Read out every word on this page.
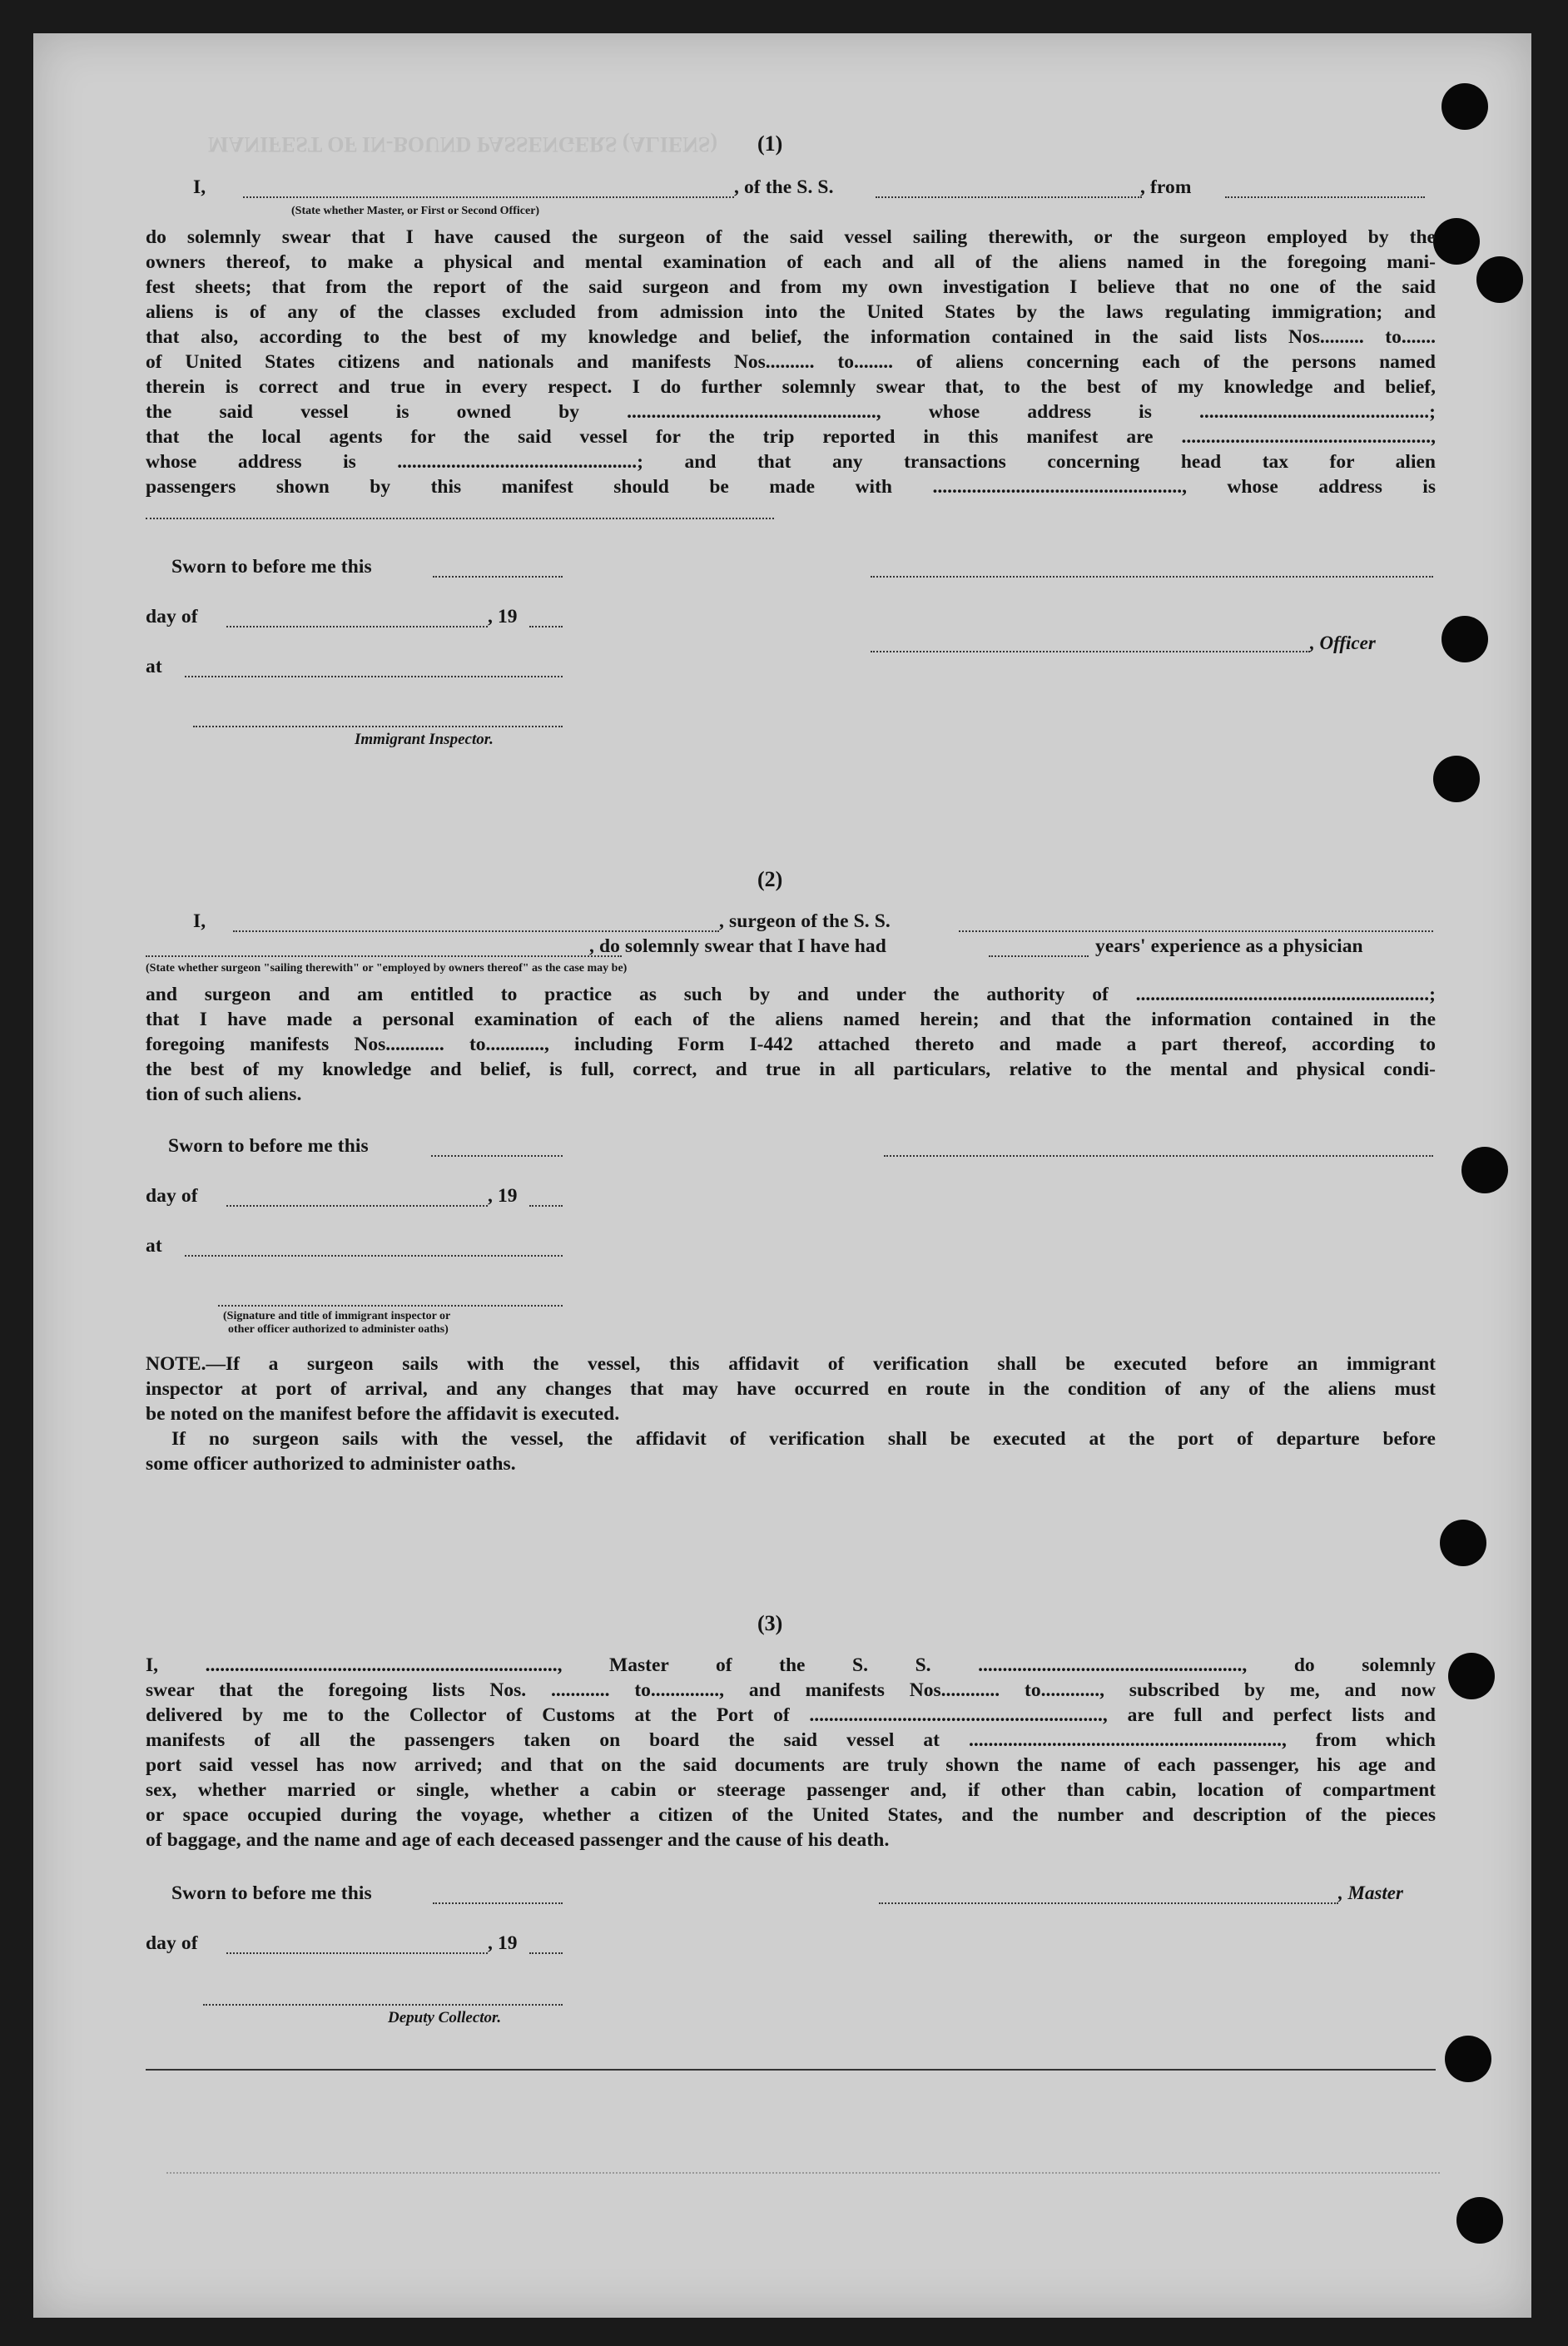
MANIFEST OF IN-BOUND PASSENGERS (ALIENS) (1)
I,	, of the S. S.	, from
(State whether Master, or First or Second Officer)
do solemnly swear that I have caused the surgeon of the said vessel sailing therewith, or the surgeon employed by the
owners thereof, to make a physical and mental examination of each and all of the aliens named in the foregoing mani-
fest sheets; that from the report of the said surgeon and from my own investigation I believe that no one of the said
aliens is of any of the classes excluded from admission into the United States by the laws regulating immigration; and
that also, according to the best of my knowledge and belief, the information contained in the said lists Nos......... to.......
of United States citizens and nationals and manifests Nos.......... to........ of aliens concerning each of the persons named
therein is correct and true in every respect. I do further solemnly swear that, to the best of my knowledge and belief,
the said vessel is owned by ..................................................., whose address is ...............................................;
that the local agents for the said vessel for the trip reported in this manifest are ...................................................,
whose address is .................................................; and that any transactions concerning head tax for alien
passengers shown by this manifest should be made with ..................................................., whose address is
Sworn to before me this
day of	, 19
, Officer
at
Immigrant Inspector.
(2)
I,	, surgeon of the S. S.
, do solemnly swear that I have had	years' experience as a physician
(State whether surgeon "sailing therewith" or "employed by owners thereof" as the case may be)
and surgeon and am entitled to practice as such by and under the authority of ............................................................;
that I have made a personal examination of each of the aliens named herein; and that the information contained in the
foregoing manifests Nos............ to............, including Form I-442 attached thereto and made a part thereof, according to
the best of my knowledge and belief, is full, correct, and true in all particulars, relative to the mental and physical condi-
tion of such aliens.
Sworn to before me this
day of	, 19
at
(Signature and title of immigrant inspector or
other officer authorized to administer oaths)
NOTE.—If a surgeon sails with the vessel, this affidavit of verification shall be executed before an immigrant
inspector at port of arrival, and any changes that may have occurred en route in the condition of any of the aliens must
be noted on the manifest before the affidavit is executed.
If no surgeon sails with the vessel, the affidavit of verification shall be executed at the port of departure before
some officer authorized to administer oaths.
(3)
I, ........................................................................, Master of the S. S. ......................................................, do solemnly
swear that the foregoing lists Nos. ............ to.............., and manifests Nos............ to............, subscribed by me, and now
delivered by me to the Collector of Customs at the Port of ............................................................, are full and perfect lists and
manifests of all the passengers taken on board the said vessel at ................................................................, from which
port said vessel has now arrived; and that on the said documents are truly shown the name of each passenger, his age and
sex, whether married or single, whether a cabin or steerage passenger and, if other than cabin, location of compartment
or space occupied during the voyage, whether a citizen of the United States, and the number and description of the pieces
of baggage, and the name and age of each deceased passenger and the cause of his death.
Sworn to before me this	, Master
day of	, 19
Deputy Collector.
